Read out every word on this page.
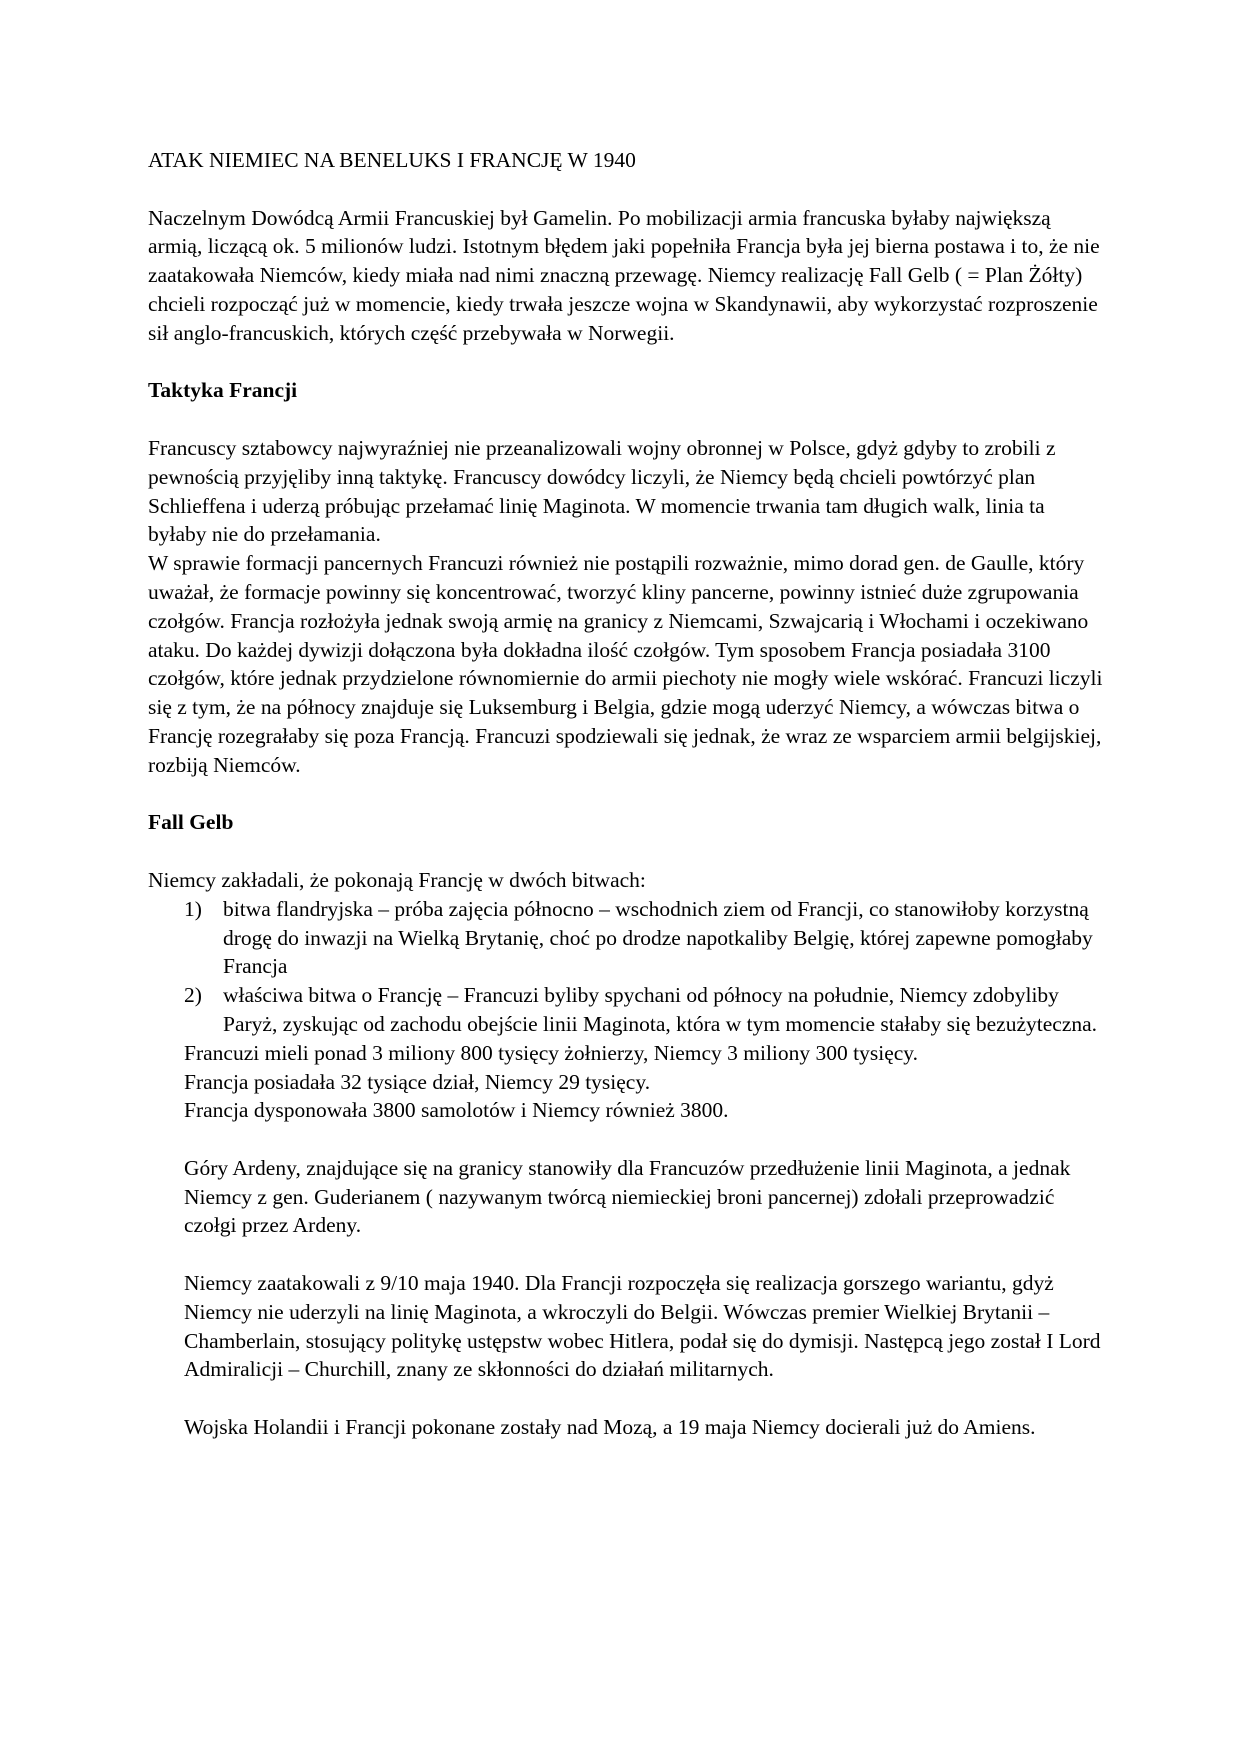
ATAK NIEMIEC NA BENELUKS I FRANCJĘ W 1940

Naczelnym Dowódcą Armii Francuskiej był Gamelin. Po mobilizacji armia francuska byłaby największą armią, liczącą ok. 5 milionów ludzi. Istotnym błędem jaki popełniła Francja była jej bierna postawa i to, że nie zaatakowała Niemców, kiedy miała nad nimi znaczną przewagę. Niemcy realizację Fall Gelb ( = Plan Żółty) chcieli rozpocząć już w momencie, kiedy trwała jeszcze wojna w Skandynawii, aby wykorzystać rozproszenie sił anglo-francuskich, których część przebywała w Norwegii.

Taktyka Francji

Francuscy sztabowcy najwyraźniej nie przeanalizowali wojny obronnej w Polsce, gdyż gdyby to zrobili z pewnością przyjęliby inną taktykę. Francuscy dowódcy liczyli, że Niemcy będą chcieli powtórzyć plan Schlieffena i uderzą próbując przełamać linię Maginota. W momencie trwania tam długich walk, linia ta byłaby nie do przełamania.

W sprawie formacji pancernych Francuzi również nie postąpili rozważnie, mimo dorad gen. de Gaulle, który uważał, że formacje powinny się koncentrować, tworzyć kliny pancerne, powinny istnieć duże zgrupowania czołgów. Francja rozłożyła jednak swoją armię na granicy z Niemcami, Szwajcarią i Włochami i oczekiwano ataku. Do każdej dywizji dołączona była dokładna ilość czołgów. Tym sposobem Francja posiadała 3100 czołgów, które jednak przydzielone równomiernie do armii piechoty nie mogły wiele wskórać. Francuzi liczyli się z tym, że na północy znajduje się Luksemburg i Belgia, gdzie mogą uderzyć Niemcy, a wówczas bitwa o Francję rozegrałaby się poza Francją. Francuzi spodziewali się jednak, że wraz ze wsparciem armii belgijskiej, rozbiją Niemców.

Fall Gelb

Niemcy zakładali, że pokonają Francję w dwóch bitwach:

1) bitwa flandryjska – próba zajęcia północno – wschodnich ziem od Francji, co stanowiłoby korzystną drogę do inwazji na Wielką Brytanię, choć po drodze napotkaliby Belgię, której zapewne pomogłaby Francja
2) właściwa bitwa o Francję – Francuzi byliby spychani od północy na południe, Niemcy zdobyliby Paryż, zyskując od zachodu obejście linii Maginota, która w tym momencie stałaby się bezużyteczna.

Francuzi mieli ponad 3 miliony 800 tysięcy żołnierzy, Niemcy 3 miliony 300 tysięcy.

Francja posiadała 32 tysiące dział, Niemcy 29 tysięcy.

Francja dysponowała 3800 samolotów i Niemcy również 3800.

Góry Ardeny, znajdujące się na granicy stanowiły dla Francuzów przedłużenie linii Maginota, a jednak Niemcy z gen. Guderianem ( nazywanym twórcą niemieckiej broni pancernej) zdołali przeprowadzić czołgi przez Ardeny.

Niemcy zaatakowali z 9/10 maja 1940. Dla Francji rozpoczęła się realizacja gorszego wariantu, gdyż Niemcy nie uderzyli na linię Maginota, a wkroczyli do Belgii. Wówczas premier Wielkiej Brytanii – Chamberlain, stosujący politykę ustępstw wobec Hitlera, podał się do dymisji. Następcą jego został I Lord Admiralicji – Churchill, znany ze skłonności do działań militarnych.

Wojska Holandii i Francji pokonane zostały nad Mozą, a 19 maja Niemcy docierali już do Amiens.
